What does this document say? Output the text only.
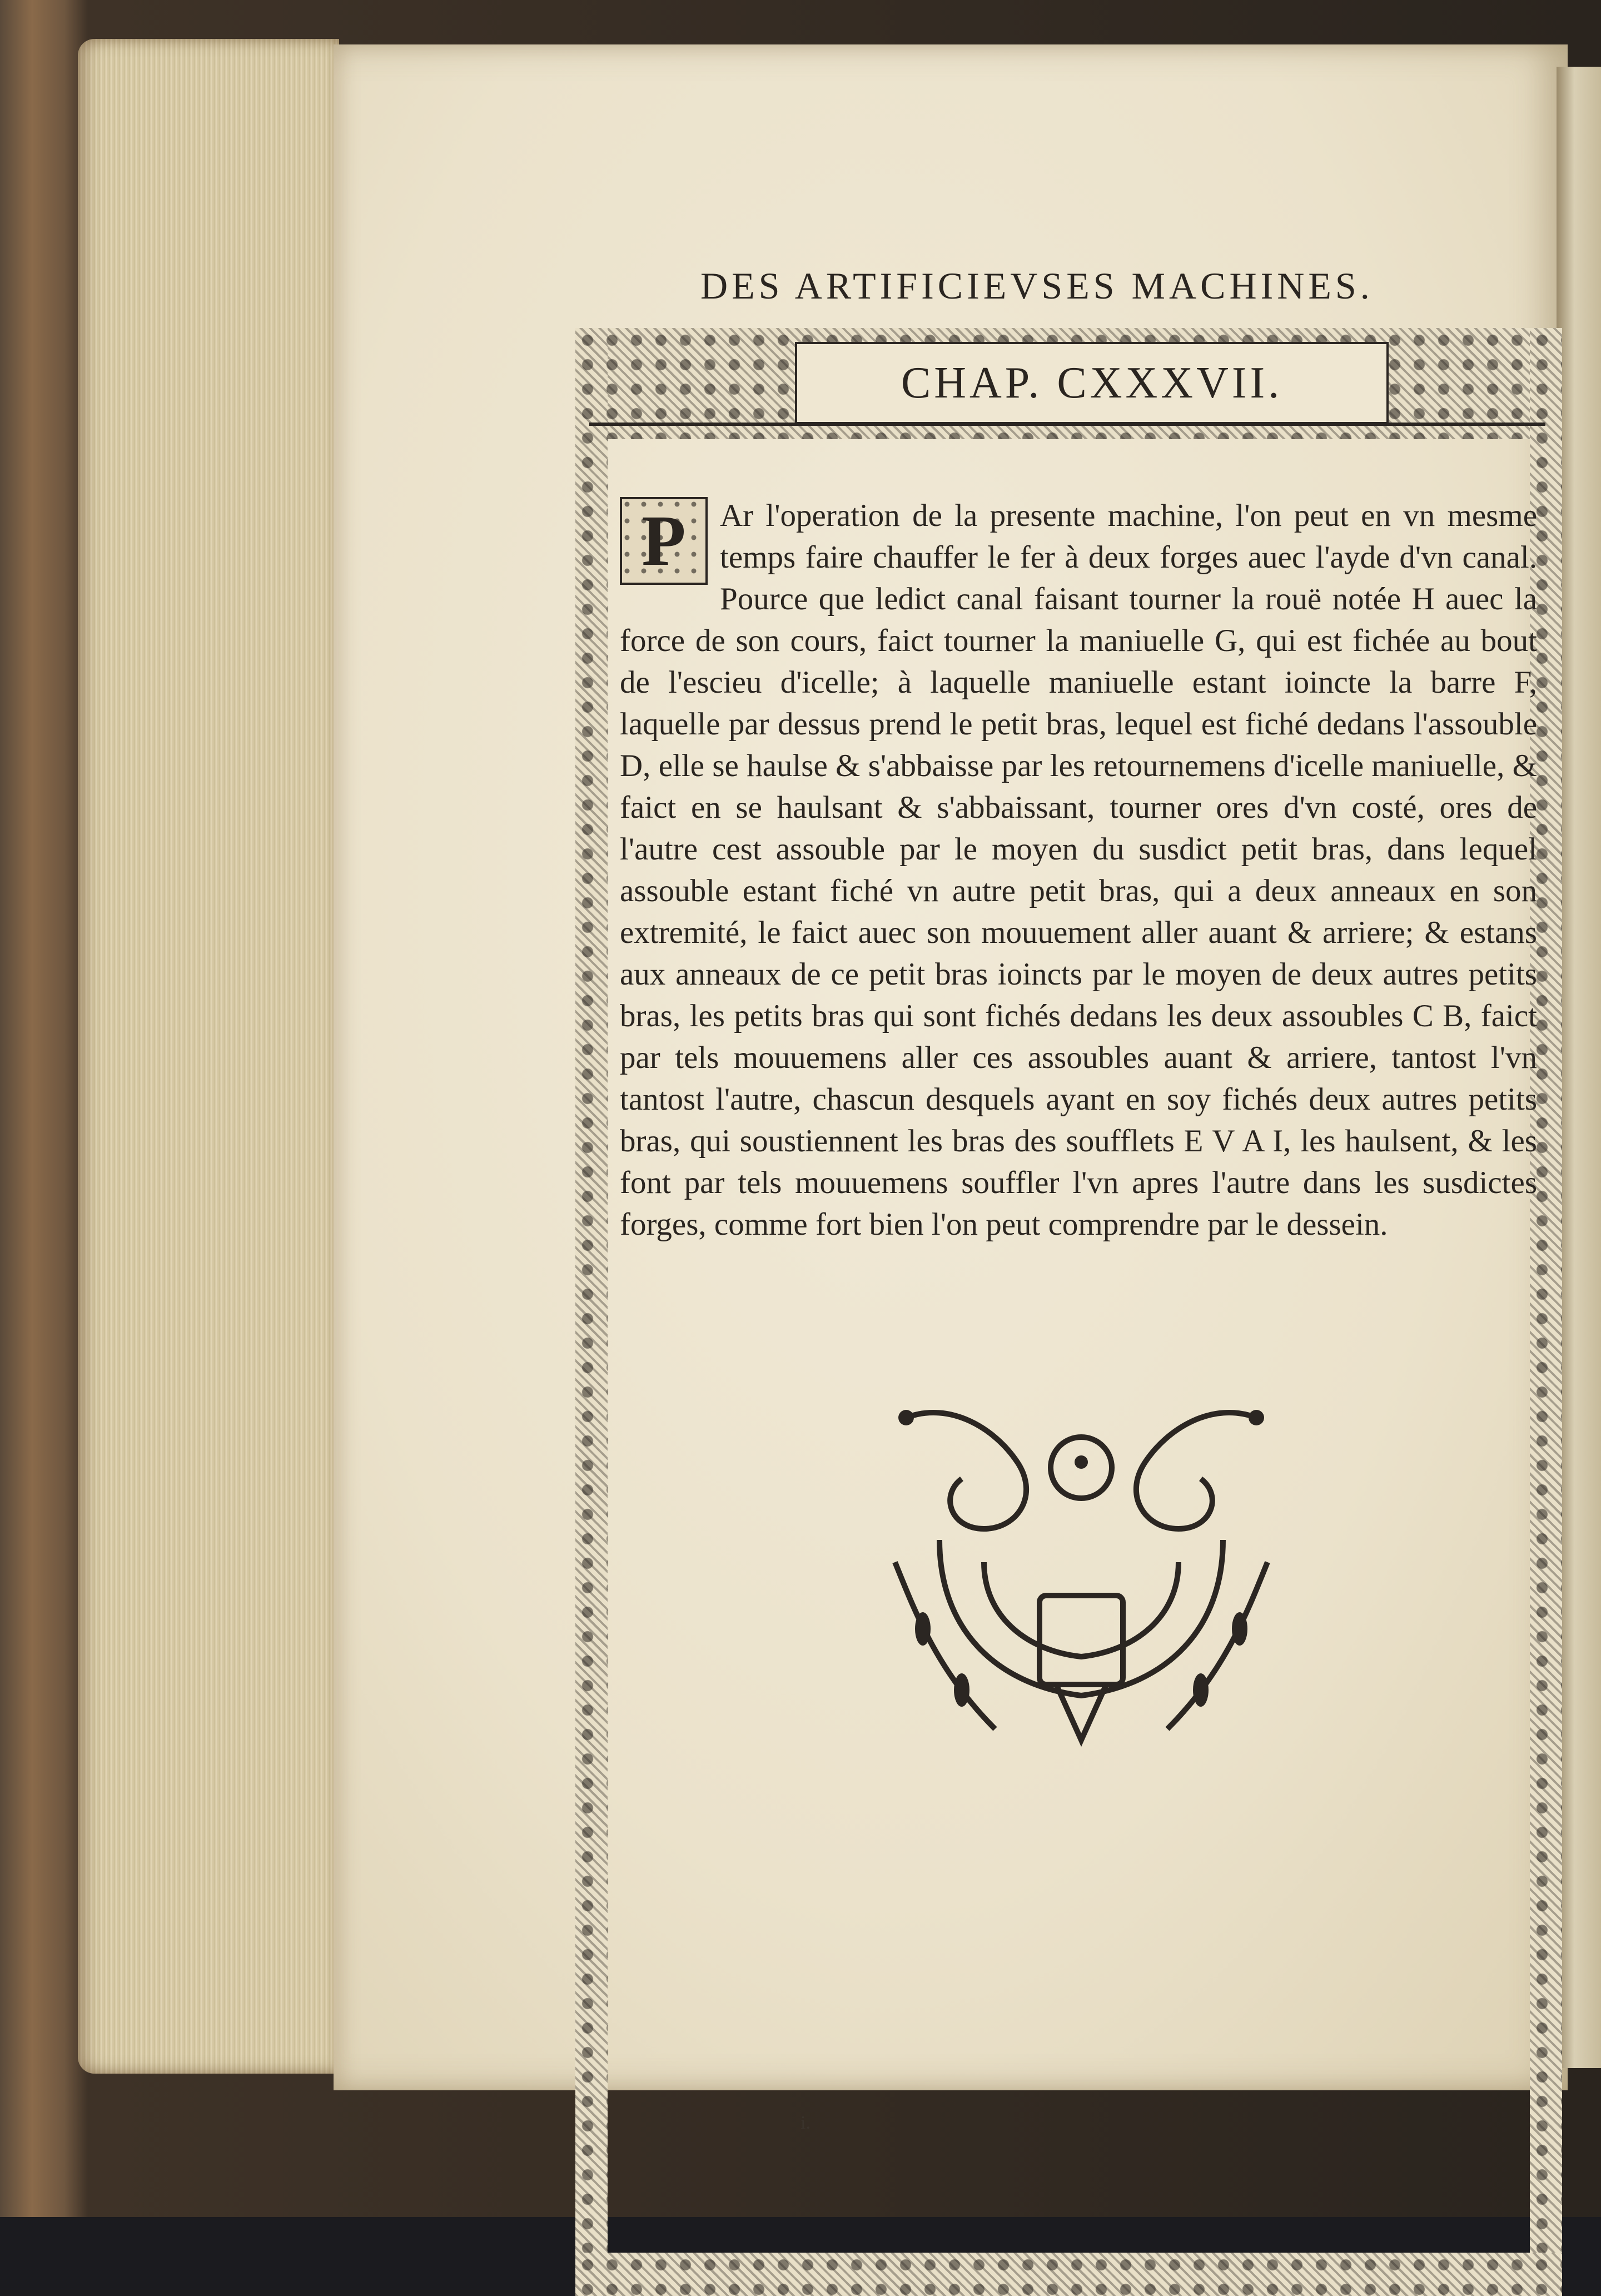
DES ARTIFICIEVSES MACHINES.
CHAP. CXXXVII.
P	Ar l'operation de la presente machine, l'on peut en vn mesme temps faire chauffer le fer à deux forges auec l'ayde d'vn canal. Pource que ledict canal faisant tourner la rouë notée H auec la force de son cours, faict tourner la maniuelle G, qui est fichée au bout de l'escieu d'icelle; à laquelle maniuelle estant ioincte la barre F, laquelle par dessus prend le petit bras, lequel est fiché dedans l'assouble D, elle se haulse & s'abbaisse par les retournemens d'icelle maniuelle, & faict en se haulsant & s'abbaissant, tourner ores d'vn costé, ores de l'autre cest assouble par le moyen du susdict petit bras, dans lequel assouble estant fiché vn autre petit bras, qui a deux anneaux en son extremité, le faict auec son mouuement aller auant & arriere; & estans aux anneaux de ce petit bras ioincts par le moyen de deux autres petits bras, les petits bras qui sont fichés dedans les deux assoubles C B, faict par tels mouuemens aller ces assoubles auant & arriere, tantost l'vn tantost l'autre, chascun desquels ayant en soy fichés deux autres petits bras, qui soustiennent les bras des soufflets E V A I, les haulsent, & les font par tels mouuemens souffler l'vn apres l'autre dans les susdictes forges, comme fort bien l'on peut comprendre par le dessein.
i.
